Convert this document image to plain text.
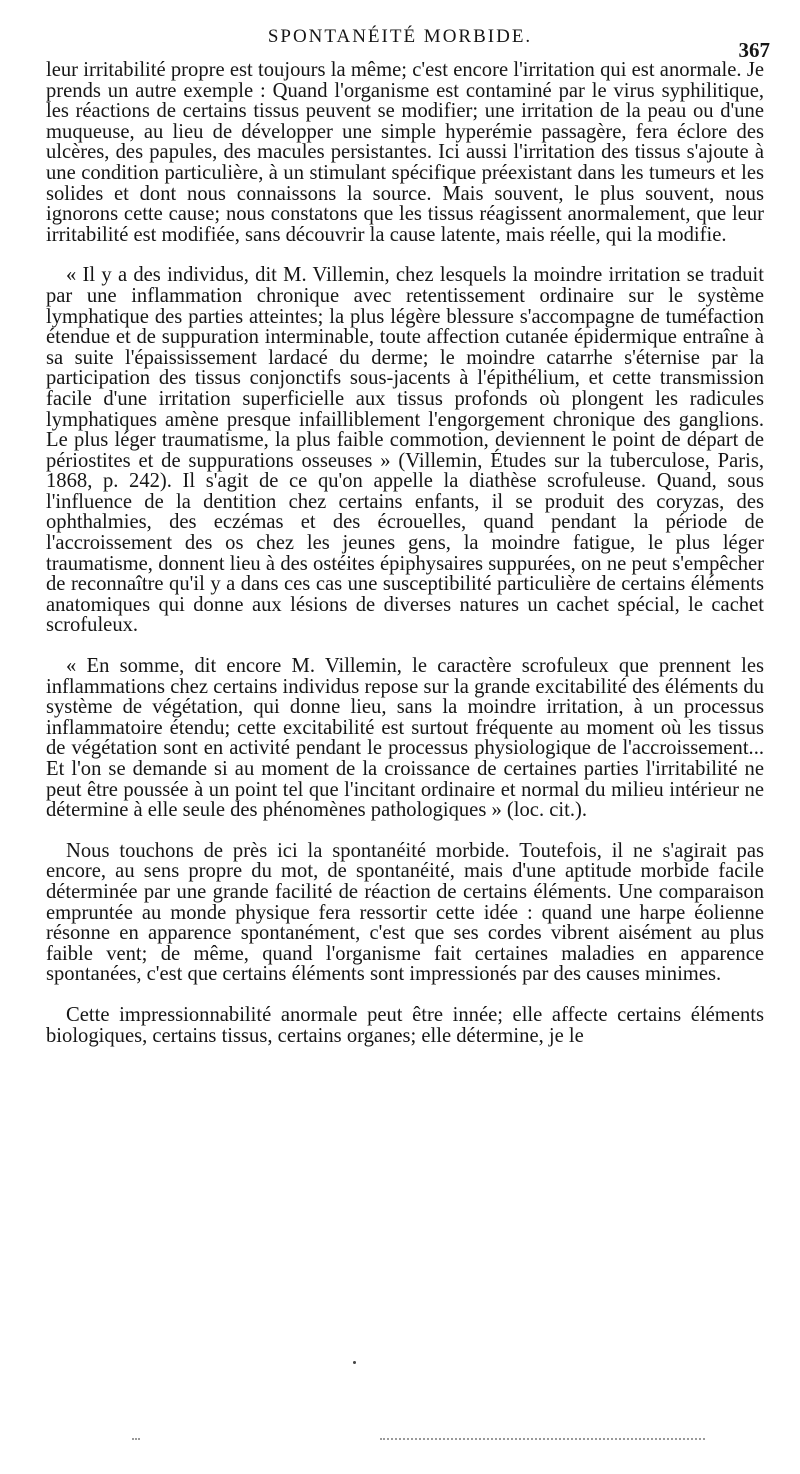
SPONTANÉITÉ MORBIDE.
367

leur irritabilité propre est toujours la même; c'est encore l'irritation qui est anormale. Je prends un autre exemple : Quand l'organisme est contaminé par le virus syphilitique, les réactions de certains tissus peuvent se modifier; une irritation de la peau ou d'une muqueuse, au lieu de développer une simple hyperémie passagère, fera éclore des ulcères, des papules, des macules persistantes. Ici aussi l'irritation des tissus s'ajoute à une condition particulière, à un stimulant spécifique préexistant dans les tumeurs et les solides et dont nous connaissons la source. Mais souvent, le plus souvent, nous ignorons cette cause; nous constatons que les tissus réagissent anormalement, que leur irritabilité est modifiée, sans découvrir la cause latente, mais réelle, qui la modifie.

« Il y a des individus, dit M. Villemin, chez lesquels la moindre irritation se traduit par une inflammation chronique avec retentissement ordinaire sur le système lymphatique des parties atteintes; la plus légère blessure s'accompagne de tuméfaction étendue et de suppuration interminable, toute affection cutanée épidermique entraîne à sa suite l'épaississement lardacé du derme; le moindre catarrhe s'éternise par la participation des tissus conjonctifs sous-jacents à l'épithélium, et cette transmission facile d'une irritation superficielle aux tissus profonds où plongent les radicules lymphatiques amène presque infailliblement l'engorgement chronique des ganglions. Le plus léger traumatisme, la plus faible commotion, deviennent le point de départ de périostites et de suppurations osseuses » (Villemin, Études sur la tuberculose, Paris, 1868, p. 242). Il s'agit de ce qu'on appelle la diathèse scrofuleuse. Quand, sous l'influence de la dentition chez certains enfants, il se produit des coryzas, des ophthalmies, des eczémas et des écrouelles, quand pendant la période de l'accroissement des os chez les jeunes gens, la moindre fatigue, le plus léger traumatisme, donnent lieu à des ostéites épiphysaires suppurées, on ne peut s'empêcher de reconnaître qu'il y a dans ces cas une susceptibilité particulière de certains éléments anatomiques qui donne aux lésions de diverses natures un cachet spécial, le cachet scrofuleux.

« En somme, dit encore M. Villemin, le caractère scrofuleux que prennent les inflammations chez certains individus repose sur la grande excitabilité des éléments du système de végétation, qui donne lieu, sans la moindre irritation, à un processus inflammatoire étendu; cette excitabilité est surtout fréquente au moment où les tissus de végétation sont en activité pendant le processus physiologique de l'accroissement... Et l'on se demande si au moment de la croissance de certaines parties l'irritabilité ne peut être poussée à un point tel que l'incitant ordinaire et normal du milieu intérieur ne détermine à elle seule des phénomènes pathologiques » (loc. cit.).

Nous touchons de près ici la spontanéité morbide. Toutefois, il ne s'agirait pas encore, au sens propre du mot, de spontanéité, mais d'une aptitude morbide facile déterminée par une grande facilité de réaction de certains éléments. Une comparaison empruntée au monde physique fera ressortir cette idée : quand une harpe éolienne résonne en apparence spontanément, c'est que ses cordes vibrent aisément au plus faible vent; de même, quand l'organisme fait certaines maladies en apparence spontanées, c'est que certains éléments sont impressionés par des causes minimes.

Cette impressionnabilité anormale peut être innée; elle affecte certains éléments biologiques, certains tissus, certains organes; elle détermine, je le
